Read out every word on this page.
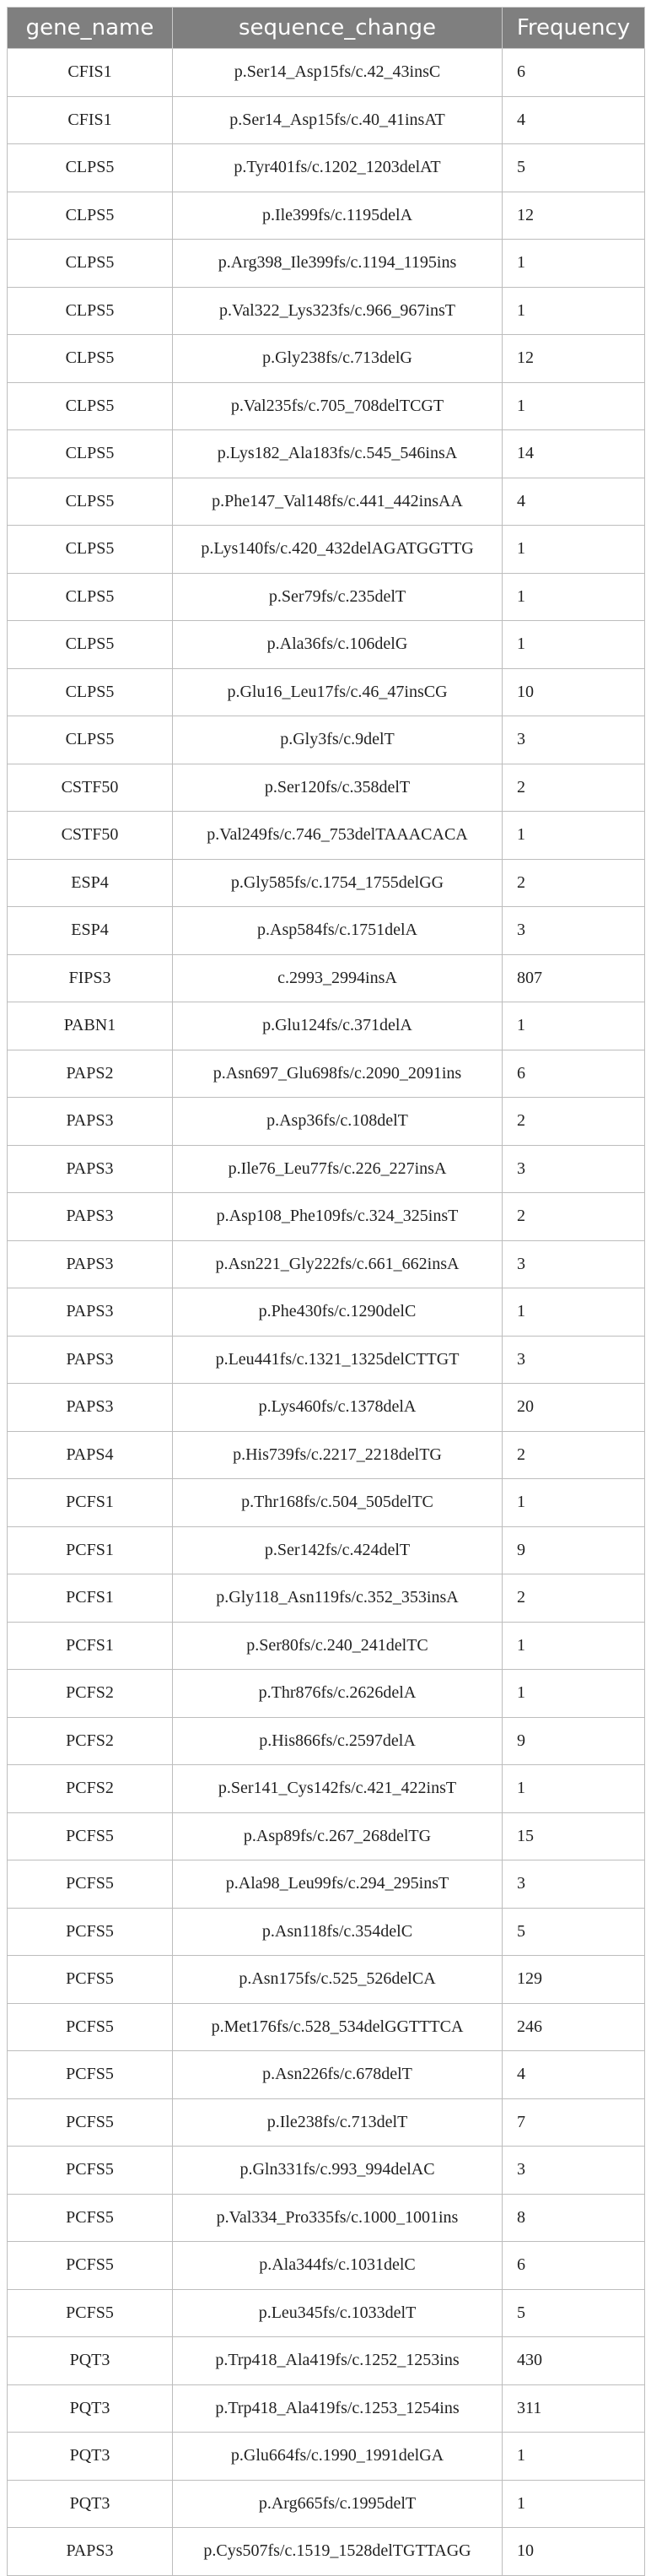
gene_name	sequence_change	Frequency
CFIS1	p.Ser14_Asp15fs/c.42_43insC	6
CFIS1	p.Ser14_Asp15fs/c.40_41insAT	4
CLPS5	p.Tyr401fs/c.1202_1203delAT	5
CLPS5	p.Ile399fs/c.1195delA	12
CLPS5	p.Arg398_Ile399fs/c.1194_1195ins	1
CLPS5	p.Val322_Lys323fs/c.966_967insT	1
CLPS5	p.Gly238fs/c.713delG	12
CLPS5	p.Val235fs/c.705_708delTCGT	1
CLPS5	p.Lys182_Ala183fs/c.545_546insA	14
CLPS5	p.Phe147_Val148fs/c.441_442insAA	4
CLPS5	p.Lys140fs/c.420_432delAGATGGTTG	1
CLPS5	p.Ser79fs/c.235delT	1
CLPS5	p.Ala36fs/c.106delG	1
CLPS5	p.Glu16_Leu17fs/c.46_47insCG	10
CLPS5	p.Gly3fs/c.9delT	3
CSTF50	p.Ser120fs/c.358delT	2
CSTF50	p.Val249fs/c.746_753delTAAACACA	1
ESP4	p.Gly585fs/c.1754_1755delGG	2
ESP4	p.Asp584fs/c.1751delA	3
FIPS3	c.2993_2994insA	807
PABN1	p.Glu124fs/c.371delA	1
PAPS2	p.Asn697_Glu698fs/c.2090_2091ins	6
PAPS3	p.Asp36fs/c.108delT	2
PAPS3	p.Ile76_Leu77fs/c.226_227insA	3
PAPS3	p.Asp108_Phe109fs/c.324_325insT	2
PAPS3	p.Asn221_Gly222fs/c.661_662insA	3
PAPS3	p.Phe430fs/c.1290delC	1
PAPS3	p.Leu441fs/c.1321_1325delCTTGT	3
PAPS3	p.Lys460fs/c.1378delA	20
PAPS4	p.His739fs/c.2217_2218delTG	2
PCFS1	p.Thr168fs/c.504_505delTC	1
PCFS1	p.Ser142fs/c.424delT	9
PCFS1	p.Gly118_Asn119fs/c.352_353insA	2
PCFS1	p.Ser80fs/c.240_241delTC	1
PCFS2	p.Thr876fs/c.2626delA	1
PCFS2	p.His866fs/c.2597delA	9
PCFS2	p.Ser141_Cys142fs/c.421_422insT	1
PCFS5	p.Asp89fs/c.267_268delTG	15
PCFS5	p.Ala98_Leu99fs/c.294_295insT	3
PCFS5	p.Asn118fs/c.354delC	5
PCFS5	p.Asn175fs/c.525_526delCA	129
PCFS5	p.Met176fs/c.528_534delGGTTTCA	246
PCFS5	p.Asn226fs/c.678delT	4
PCFS5	p.Ile238fs/c.713delT	7
PCFS5	p.Gln331fs/c.993_994delAC	3
PCFS5	p.Val334_Pro335fs/c.1000_1001ins	8
PCFS5	p.Ala344fs/c.1031delC	6
PCFS5	p.Leu345fs/c.1033delT	5
PQT3	p.Trp418_Ala419fs/c.1252_1253ins	430
PQT3	p.Trp418_Ala419fs/c.1253_1254ins	311
PQT3	p.Glu664fs/c.1990_1991delGA	1
PQT3	p.Arg665fs/c.1995delT	1
PAPS3	p.Cys507fs/c.1519_1528delTGTTAGG	10
